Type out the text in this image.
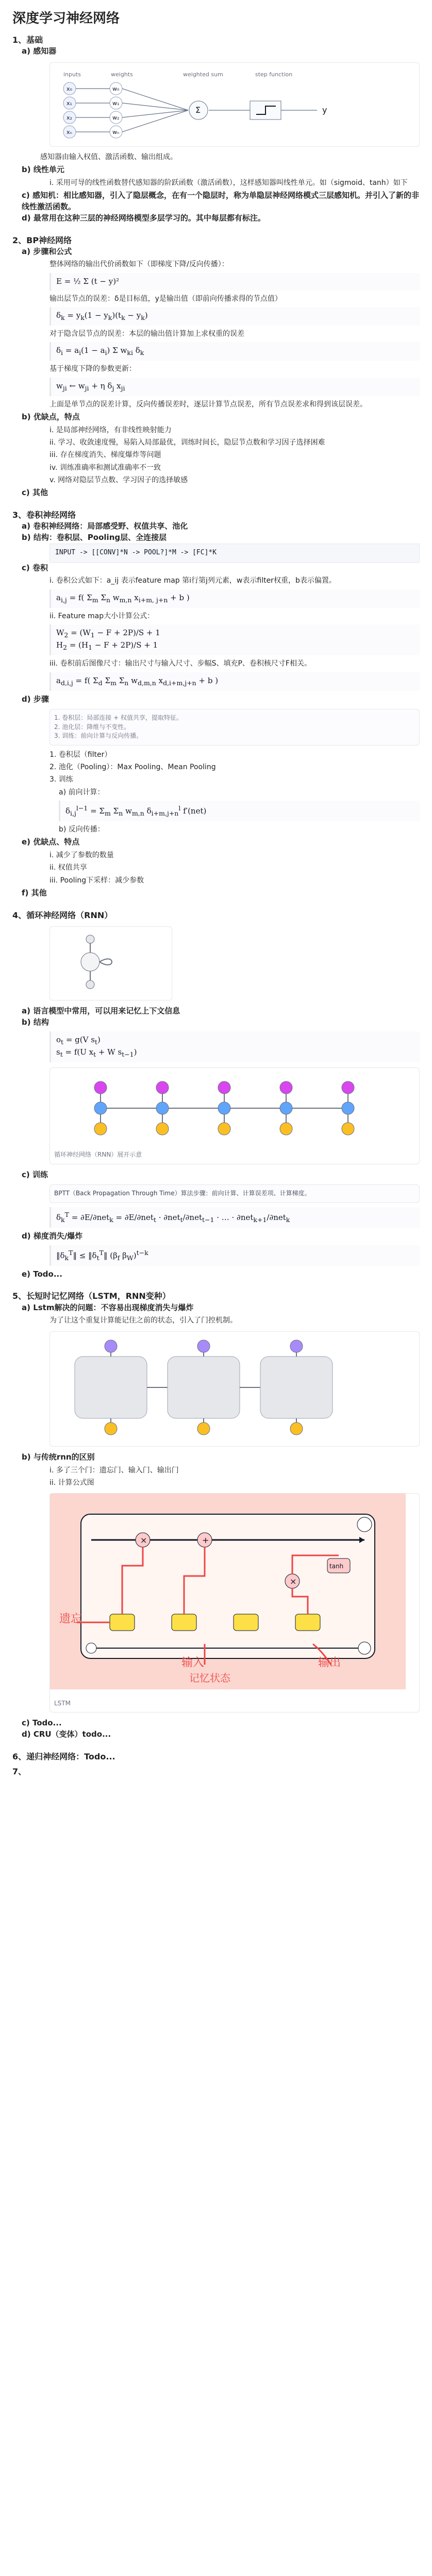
深度学习神经网络
1、基础
a) 感知器
inputs	weights	weighted sum	step function
x₀
x₁
x₂
xₙ
w₀
w₁
w₂
wₙ
Σ	y
感知器由输入权值、激活函数、输出组成。
b) 线性单元
i. 采用可导的线性函数替代感知器的阶跃函数（激活函数），这样感知器叫线性单元。如（sigmoid、tanh）如下
c) 感知机：相比感知器，引入了隐层概念，在有一个隐层时，称为单隐层神经网络模式三层感知机。并引入了新的非线性激活函数。
d) 最常用在这种三层的神经网络模型多层学习的。其中每层都有标注。
2、BP神经网络
a) 步骤和公式
整体网络的输出代价函数如下（即梯度下降/反向传播）：
E = ½ Σ (t − y)²
输出层节点的误差：δ是目标值，y是输出值（即前向传播求得的节点值）
$\delta_k = y_k(1 - y_k)(t_k - y_k)$
对于隐含层节点的误差：本层的输出值计算加上求权重的误差
$\delta_i = a_i(1 - a_i)$ Σ $w_{ki}$ $\delta_k$
基于梯度下降的参数更新：
$w_{ji}$ ← $w_{ji} + \eta$ $\delta_j$ $x_{ji}$
上面是单节点的误差计算，反向传播误差时，逐层计算节点误差，所有节点误差求和得到该层误差。
b) 优缺点，特点
i. 是局部神经网络，有非线性映射能力
ii. 学习、收敛速度慢，易陷入局部最优，训练时间长，隐层节点数和学习因子选择困难
iii. 存在梯度消失、梯度爆炸等问题
iv. 训练准确率和测试准确率不一致
v. 网络对隐层节点数、学习因子的选择敏感
c) 其他
3、卷积神经网络
a) 卷积神经网络：局部感受野、权值共享、池化
b) 结构：卷积层、Pooling层、全连接层
INPUT -> [[CONV]*N -> POOL?]*M -> [FC]*K
c) 卷积
i. 卷积公式如下：a_ij 表示feature map 第i行第j列元素，w表示filter权重，b表示偏置。
$a_{i,j} = f$( $\Sigma_m$ $\Sigma_n$ $w_{m,n}$ $x_{i+m, j+n} + b$ )
ii. Feature map大小计算公式：
$W_2 = (W_1 - F + 2P)/S + 1$
$H_2 = (H_1 - F + 2P)/S + 1$
iii. 卷积前后图像尺寸：输出尺寸与输入尺寸、步幅S、填充P、卷积核尺寸F相关。
$a_{d,i,j} = f$( $\Sigma_d$ $\Sigma_m$ $\Sigma_n$ $w_{d,m,n}$ $x_{d,i+m,j+n} + b$ )
d) 步骤
1. 卷积层：局部连接 + 权值共享，提取特征。
2. 池化层：降维与不变性。
3. 训练：前向计算与反向传播。
1. 卷积层（filter）
2. 池化（Pooling）：Max Pooling、Mean Pooling
3. 训练
a) 前向计算：
$\delta_{i,j}^{l-1} = \Sigma_m$ $\Sigma_n$ $w_{m,n}$ $\delta_{i+m,j+n}^l$ f′(net)
b) 反向传播：
e) 优缺点、特点
i. 减少了参数的数量
ii. 权值共享
iii. Pooling下采样：减少参数
f) 其他
4、循环神经网络（RNN）
a) 语言模型中常用，可以用来记忆上下文信息
b) 结构
$o_t = g(V$ $s_t$)
$s_t = f(U$ $x_t + W$ $s_{t-1}$)
循环神经网络（RNN）展开示意
c) 训练
BPTT（Back Propagation Through Time）算法步骤：前向计算、计算误差项、计算梯度。
$\delta_k^T = \partial E/\partial net_k = \partial E/\partial net_t \cdot \partial net_t/\partial net_{t-1}$ · … · ∂net$_{k+1}$/∂net$_k$
d) 梯度消失/爆炸
$‖\delta_k^T‖$ ≤ $‖\delta_t^T‖$ ($\beta_f$ $\beta_W)^{t-k}$
e) Todo...
5、长短时记忆网络（LSTM，RNN变种）
a) Lstm解决的问题：不容易出现梯度消失与爆炸
为了让这个重复计算能记住之前的状态，引入了门控机制。
b) 与传统rnn的区别
i. 多了三个门：遗忘门、输入门、输出门
ii. 计算公式图
×	+
×
tanh
遗忘
输入	输出
记忆状态
LSTM
c) Todo...
d) CRU（变体）todo...
6、递归神经网络：Todo...
7、
